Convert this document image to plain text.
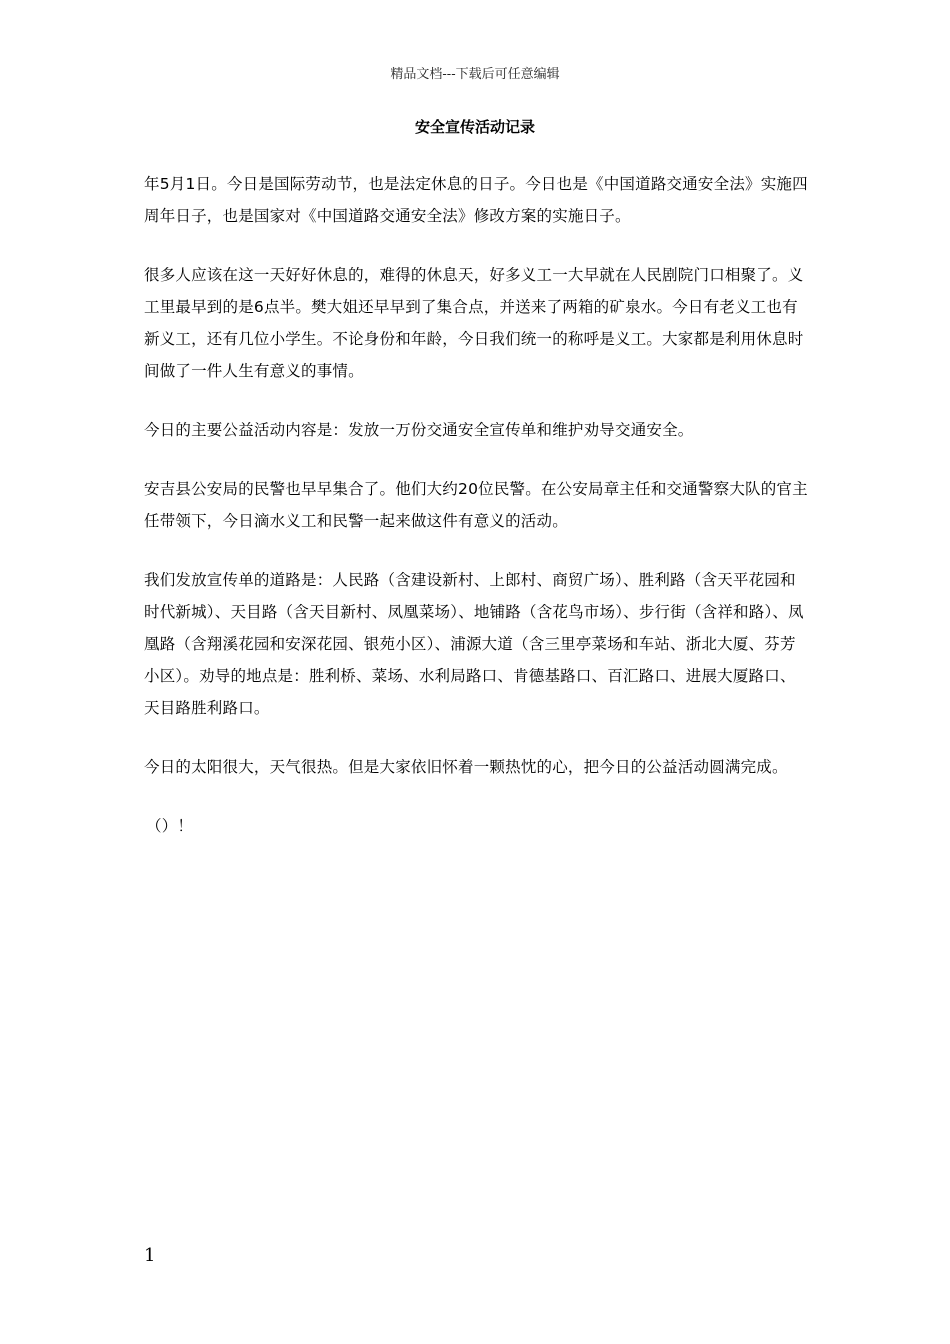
精品文档---下载后可任意编辑
安全宣传活动记录

年5月1日。今日是国际劳动节，也是法定休息的日子。今日也是《中国道路交通安全法》实施四周年日子，也是国家对《中国道路交通安全法》修改方案的实施日子。

很多人应该在这一天好好休息的，难得的休息天，好多义工一大早就在人民剧院门口相聚了。义工里最早到的是6点半。樊大姐还早早到了集合点，并送来了两箱的矿泉水。今日有老义工也有新义工，还有几位小学生。不论身份和年龄，今日我们统一的称呼是义工。大家都是利用休息时间做了一件人生有意义的事情。

今日的主要公益活动内容是：发放一万份交通安全宣传单和维护劝导交通安全。

安吉县公安局的民警也早早集合了。他们大约20位民警。在公安局章主任和交通警察大队的官主任带领下，今日滴水义工和民警一起来做这件有意义的活动。

我们发放宣传单的道路是：人民路（含建设新村、上郎村、商贸广场）、胜利路（含天平花园和时代新城）、天目路（含天目新村、凤凰菜场）、地铺路（含花鸟市场）、步行街（含祥和路）、凤凰路（含翔溪花园和安深花园、银苑小区）、浦源大道（含三里亭菜场和车站、浙北大厦、芬芳小区）。劝导的地点是：胜利桥、菜场、水利局路口、肯德基路口、百汇路口、进展大厦路口、天目路胜利路口。

今日的太阳很大，天气很热。但是大家依旧怀着一颗热忱的心，把今日的公益活动圆满完成。

（）！

1
